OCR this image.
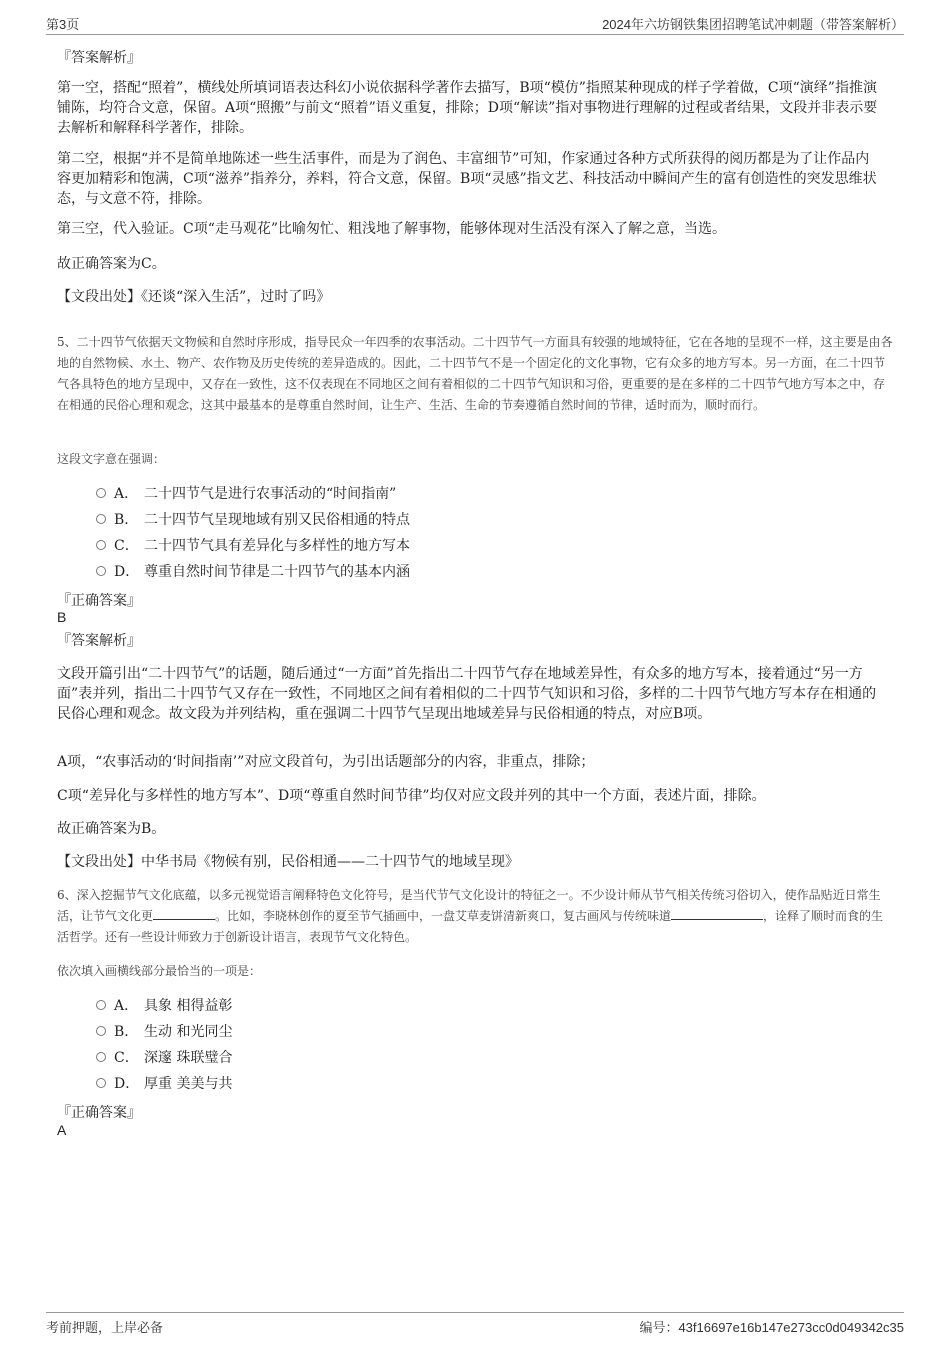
第3页	2024年六坊钢铁集团招聘笔试冲刺题（带答案解析）
『答案解析』
第一空，搭配“照着”，横线处所填词语表达科幻小说依据科学著作去描写，B项“模仿”指照某种现成的样子学着做，C项“演绎”指推演铺陈，均符合文意，保留。A项“照搬”与前文“照着”语义重复，排除；D项“解读”指对事物进行理解的过程或者结果，文段并非表示要去解析和解释科学著作，排除。
第二空，根据“并不是简单地陈述一些生活事件，而是为了润色、丰富细节”可知，作家通过各种方式所获得的阅历都是为了让作品内容更加精彩和饱满，C项“滋养”指养分，养料，符合文意，保留。B项“灵感”指文艺、科技活动中瞬间产生的富有创造性的突发思维状态，与文意不符，排除。
第三空，代入验证。C项“走马观花”比喻匆忙、粗浅地了解事物，能够体现对生活没有深入了解之意，当选。
故正确答案为C。
【文段出处】《还谈“深入生活”，过时了吗》
5、二十四节气依据天文物候和自然时序形成，指导民众一年四季的农事活动。二十四节气一方面具有较强的地域特征，它在各地的呈现不一样，这主要是由各地的自然物候、水土、物产、农作物及历史传统的差异造成的。因此，二十四节气不是一个固定化的文化事物，它有众多的地方写本。另一方面，在二十四节气各具特色的地方呈现中，又存在一致性，这不仅表现在不同地区之间有着相似的二十四节气知识和习俗，更重要的是在多样的二十四节气地方写本之中，存在相通的民俗心理和观念，这其中最基本的是尊重自然时间，让生产、生活、生命的节奏遵循自然时间的节律，适时而为，顺时而行。
这段文字意在强调：
A． 二十四节气是进行农事活动的“时间指南”
B． 二十四节气呈现地域有别又民俗相通的特点
C． 二十四节气具有差异化与多样性的地方写本
D． 尊重自然时间节律是二十四节气的基本内涵
『正确答案』
B
『答案解析』
文段开篇引出“二十四节气”的话题，随后通过“一方面”首先指出二十四节气存在地域差异性，有众多的地方写本，接着通过“另一方面”表并列，指出二十四节气又存在一致性，不同地区之间有着相似的二十四节气知识和习俗，多样的二十四节气地方写本存在相通的民俗心理和观念。故文段为并列结构，重在强调二十四节气呈现出地域差异与民俗相通的特点，对应B项。
A项，“农事活动的‘时间指南’”对应文段首句，为引出话题部分的内容，非重点，排除；
C项“差异化与多样性的地方写本”、D项“尊重自然时间节律”均仅对应文段并列的其中一个方面，表述片面，排除。
故正确答案为B。
【文段出处】中华书局《物候有别，民俗相通——二十四节气的地域呈现》
6、深入挖掘节气文化底蕴，以多元视觉语言阐释特色文化符号，是当代节气文化设计的特征之一。不少设计师从节气相关传统习俗切入，使作品贴近日常生活，让节气文化更	。比如，李晓林创作的夏至节气插画中，一盘艾草麦饼清新爽口，复古画风与传统味道	，诠释了顺时而食的生活哲学。还有一些设计师致力于创新设计语言，表现节气文化特色。
依次填入画横线部分最恰当的一项是：
A． 具象 相得益彰
B． 生动 和光同尘
C． 深邃 珠联璧合
D． 厚重 美美与共
『正确答案』
A
考前押题，上岸必备	编号：43f16697e16b147e273cc0d049342c35
